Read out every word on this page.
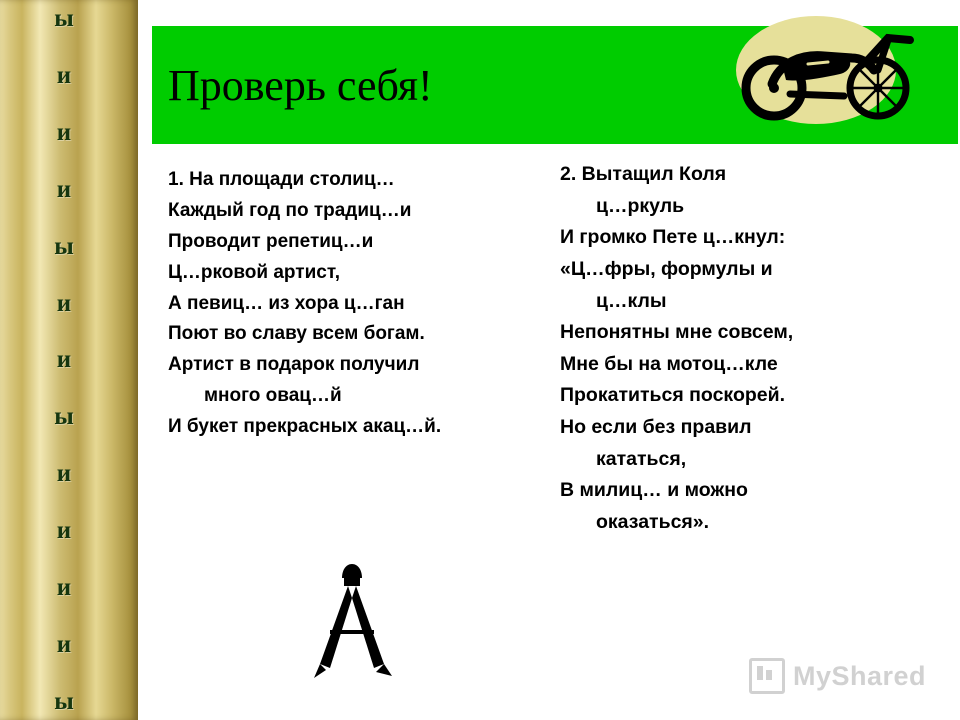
ы
и
и
и
ы
и
и
ы
и
и
и
и
ы
Проверь себя!

1. На площади столиц…

Каждый год по традиц…и

Проводит репетиц…и

Ц…рковой артист,

А певиц… из хора ц…ган

Поют во славу всем богам.

Артист в подарок получил

много овац…й

И букет прекрасных акац…й.

2. Вытащил Коля

ц…ркуль

И громко Пете ц…кнул:

«Ц…фры, формулы и

ц…клы

Непонятны мне совсем,

Мне бы на мотоц…кле

Прокатиться поскорей.

Но если без правил

кататься,

В милиц… и можно

оказаться».

MyShared
